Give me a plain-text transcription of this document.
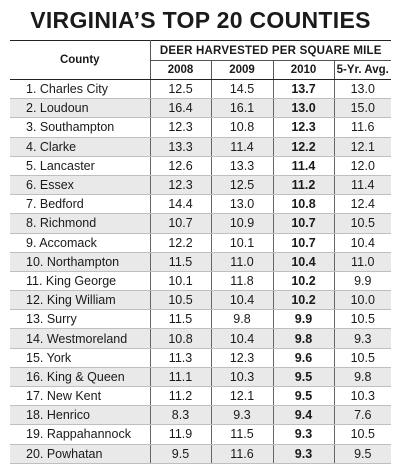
VIRGINIA’S TOP 20 COUNTIES
County	DEER HARVESTED PER SQUARE MILE			
	2008	2009	2010	5-Yr. Avg.
1. Charles City	12.5	14.5	13.7	13.0
2. Loudoun	16.4	16.1	13.0	15.0
3. Southampton	12.3	10.8	12.3	11.6
4. Clarke	13.3	11.4	12.2	12.1
5. Lancaster	12.6	13.3	11.4	12.0
6. Essex	12.3	12.5	11.2	11.4
7. Bedford	14.4	13.0	10.8	12.4
8. Richmond	10.7	10.9	10.7	10.5
9. Accomack	12.2	10.1	10.7	10.4
10. Northampton	11.5	11.0	10.4	11.0
11. King George	10.1	11.8	10.2	9.9
12. King William	10.5	10.4	10.2	10.0
13. Surry	11.5	9.8	9.9	10.5
14. Westmoreland	10.8	10.4	9.8	9.3
15. York	11.3	12.3	9.6	10.5
16. King & Queen	11.1	10.3	9.5	9.8
17. New Kent	11.2	12.1	9.5	10.3
18. Henrico	8.3	9.3	9.4	7.6
19. Rappahannock	11.9	11.5	9.3	10.5
20. Powhatan	9.5	11.6	9.3	9.5
